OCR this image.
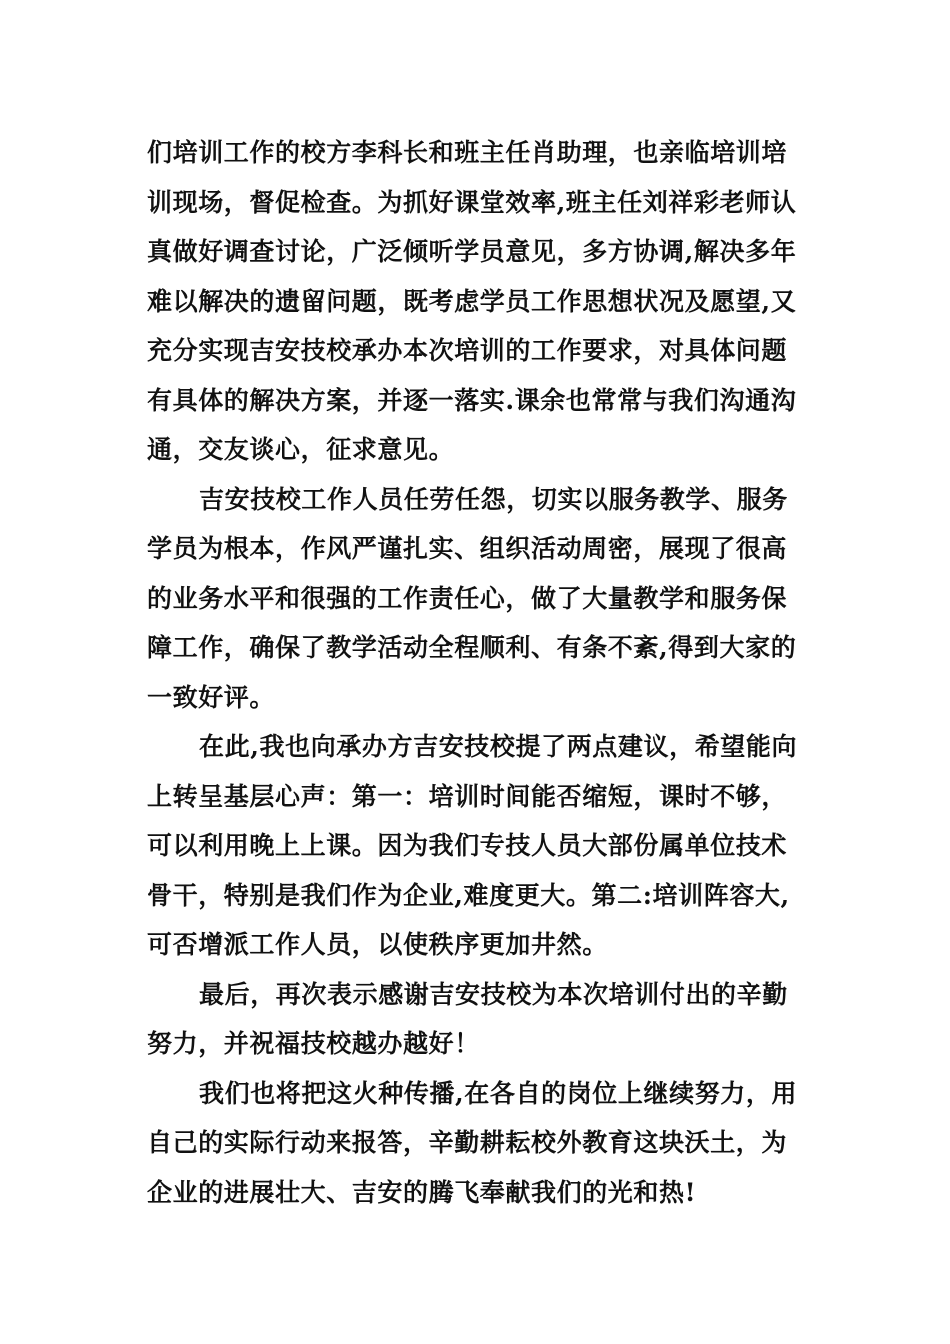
们培训工作的校方李科长和班主任肖助理，也亲临培训培
训现场，督促检查。为抓好课堂效率,班主任刘祥彩老师认
真做好调查讨论，广泛倾听学员意见，多方协调,解决多年
难以解决的遗留问题，既考虑学员工作思想状况及愿望,又
充分实现吉安技校承办本次培训的工作要求，对具体问题
有具体的解决方案，并逐一落实.课余也常常与我们沟通沟
通，交友谈心，征求意见。
吉安技校工作人员任劳任怨，切实以服务教学、服务
学员为根本，作风严谨扎实、组织活动周密，展现了很高
的业务水平和很强的工作责任心，做了大量教学和服务保
障工作，确保了教学活动全程顺利、有条不紊,得到大家的
一致好评。
在此,我也向承办方吉安技校提了两点建议，希望能向
上转呈基层心声：第一：培训时间能否缩短，课时不够，
可以利用晚上上课。因为我们专技人员大部份属单位技术
骨干，特别是我们作为企业,难度更大。第二:培训阵容大,
可否增派工作人员，以使秩序更加井然。
最后，再次表示感谢吉安技校为本次培训付出的辛勤
努力，并祝福技校越办越好！
我们也将把这火种传播,在各自的岗位上继续努力，用
自己的实际行动来报答，辛勤耕耘校外教育这块沃土，为
企业的进展壮大、吉安的腾飞奉献我们的光和热!
